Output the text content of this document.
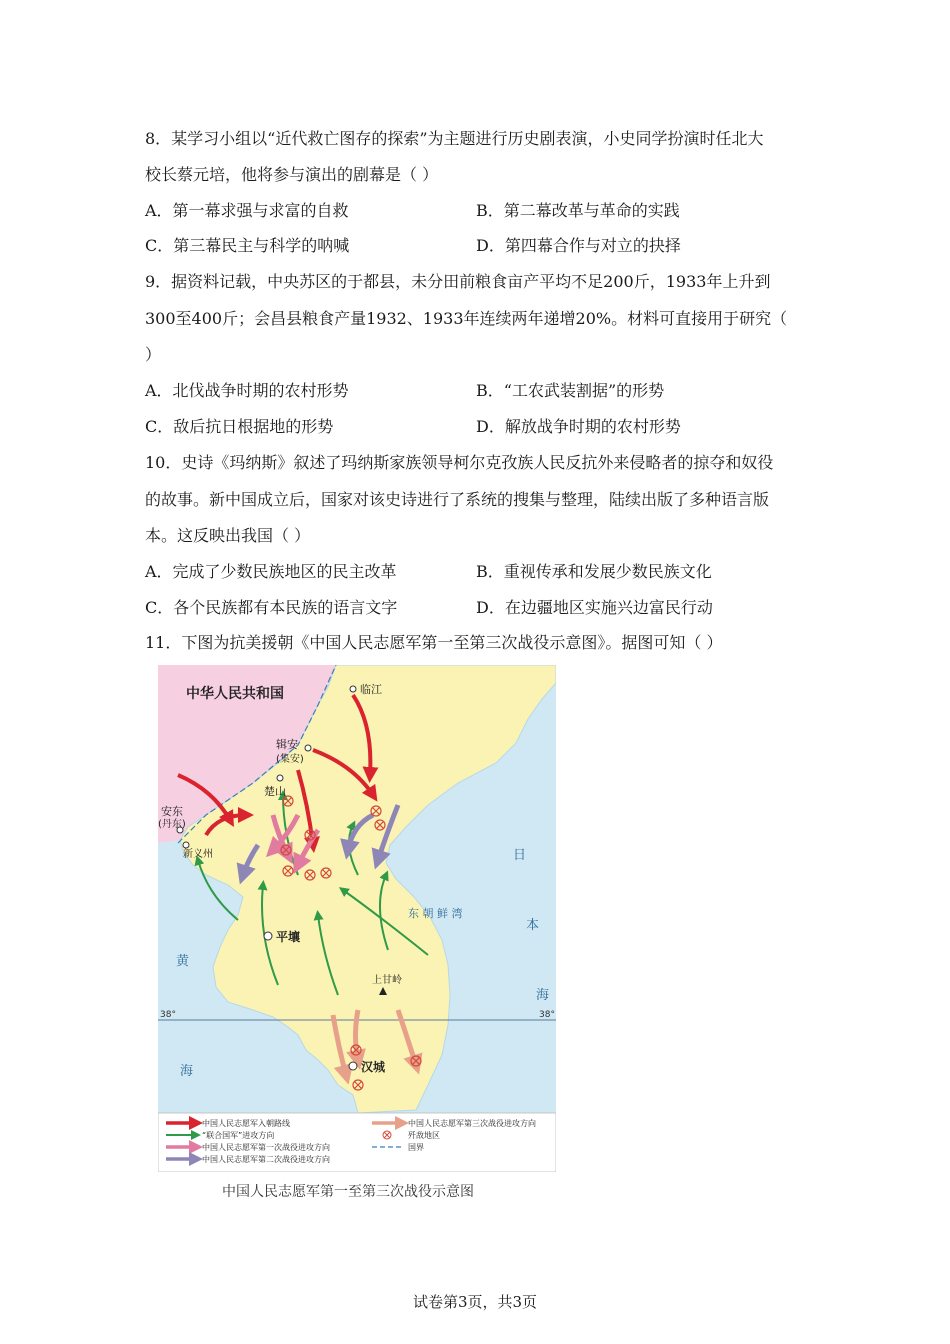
8．某学习小组以“近代救亡图存的探索”为主题进行历史剧表演，小史同学扮演时任北大
校长蔡元培，他将参与演出的剧幕是（ ）
A．第一幕求强与求富的自救	B．第二幕改革与革命的实践
C．第三幕民主与科学的呐喊	D．第四幕合作与对立的抉择
9．据资料记载，中央苏区的于都县，未分田前粮食亩产平均不足200斤，1933年上升到
300至400斤；会昌县粮食产量1932、1933年连续两年递增20%。材料可直接用于研究（
）
A．北伐战争时期的农村形势	B．“工农武装割据”的形势
C．敌后抗日根据地的形势	D．解放战争时期的农村形势
10．史诗《玛纳斯》叙述了玛纳斯家族领导柯尔克孜族人民反抗外来侵略者的掠夺和奴役
的故事。新中国成立后，国家对该史诗进行了系统的搜集与整理，陆续出版了多种语言版
本。这反映出我国（ ）
A．完成了少数民族地区的民主改革	B．重视传承和发展少数民族文化
C．各个民族都有本民族的语言文字	D．在边疆地区实施兴边富民行动
11．下图为抗美援朝《中国人民志愿军第一至第三次战役示意图》。据图可知（ ）
中华人民共和国	临江
辑安
(集安)
楚山
安东
(丹东)
新义州
平壤
上甘岭
汉城
东 朝 鲜 湾
日
本
海
黄
海
38°	38°
中国人民志愿军入朝路线
“联合国军”进攻方向
中国人民志愿军第一次战役进攻方向
中国人民志愿军第二次战役进攻方向
中国人民志愿军第三次战役进攻方向
歼敌地区
国界
中国人民志愿军第一至第三次战役示意图
试卷第3页，共3页
